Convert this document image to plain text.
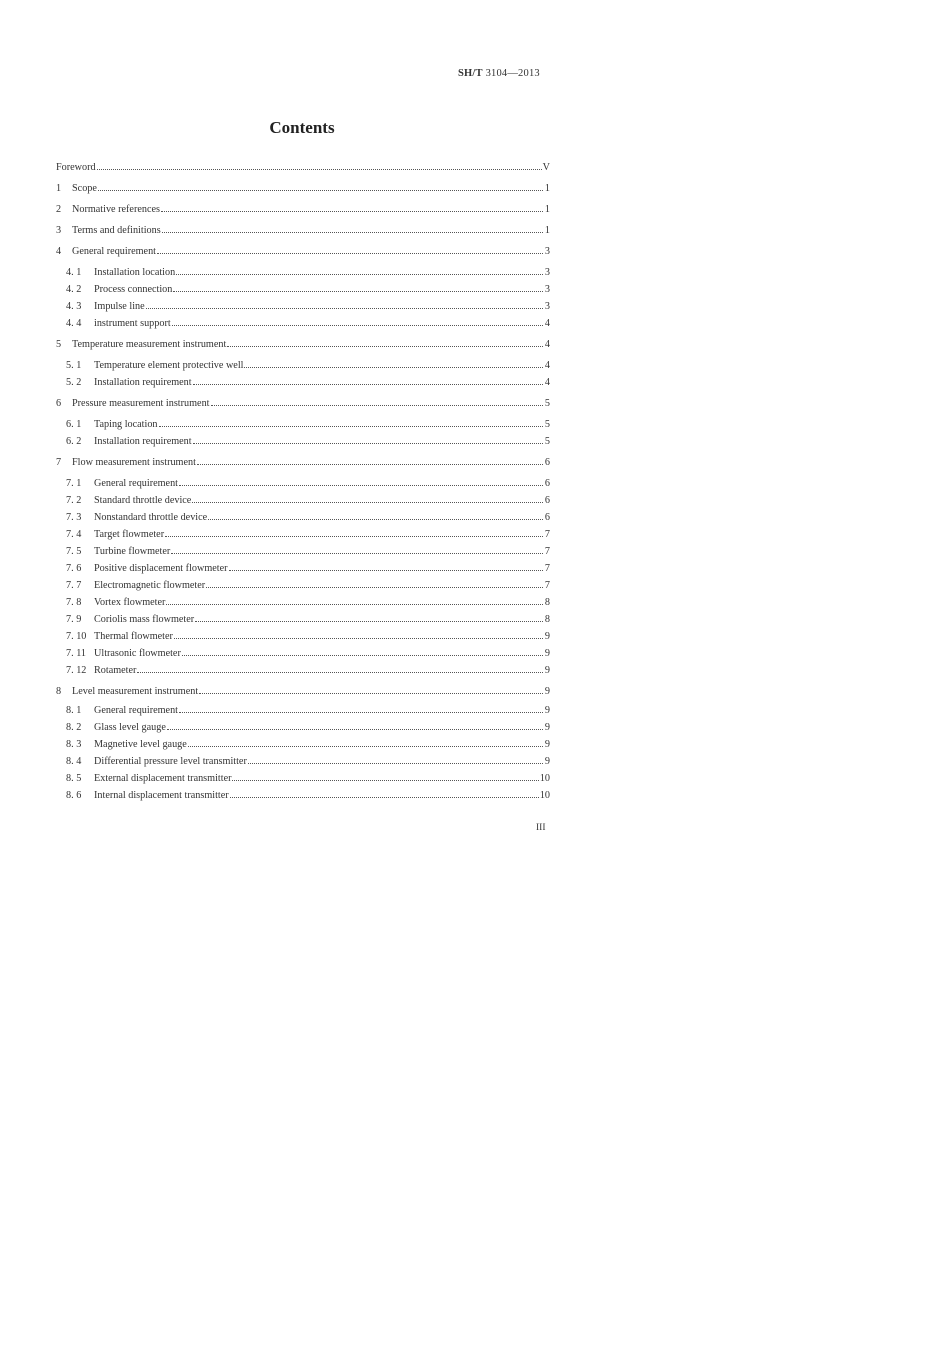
SH/T 3104—2013
Contents
Foreword	V
1	Scope	1
2	Normative references	1
3	Terms and definitions	1
4	General requirement	3
4. 1	Installation location	3
4. 2	Process connection	3
4. 3	Impulse line	3
4. 4	instrument support	4
5	Temperature measurement instrument	4
5. 1	Temperature element protective well	4
5. 2	Installation requirement	4
6	Pressure measurement instrument	5
6. 1	Taping location	5
6. 2	Installation requirement	5
7	Flow measurement instrument	6
7. 1	General requirement	6
7. 2	Standard throttle device	6
7. 3	Nonstandard throttle device	6
7. 4	Target flowmeter	7
7. 5	Turbine flowmeter	7
7. 6	Positive displacement flowmeter	7
7. 7	Electromagnetic flowmeter	7
7. 8	Vortex flowmeter	8
7. 9	Coriolis mass flowmeter	8
7. 10 Thermal flowmeter	9
7. 11 Ultrasonic flowmeter	9
7. 12 Rotameter	9
8	Level measurement instrument	9
8. 1	General requirement	9
8. 2	Glass level gauge	9
8. 3	Magnetive level gauge	9
8. 4	Differential pressure level transmitter	9
8. 5	External displacement transmitter	10
8. 6	Internal displacement transmitter	10
III
